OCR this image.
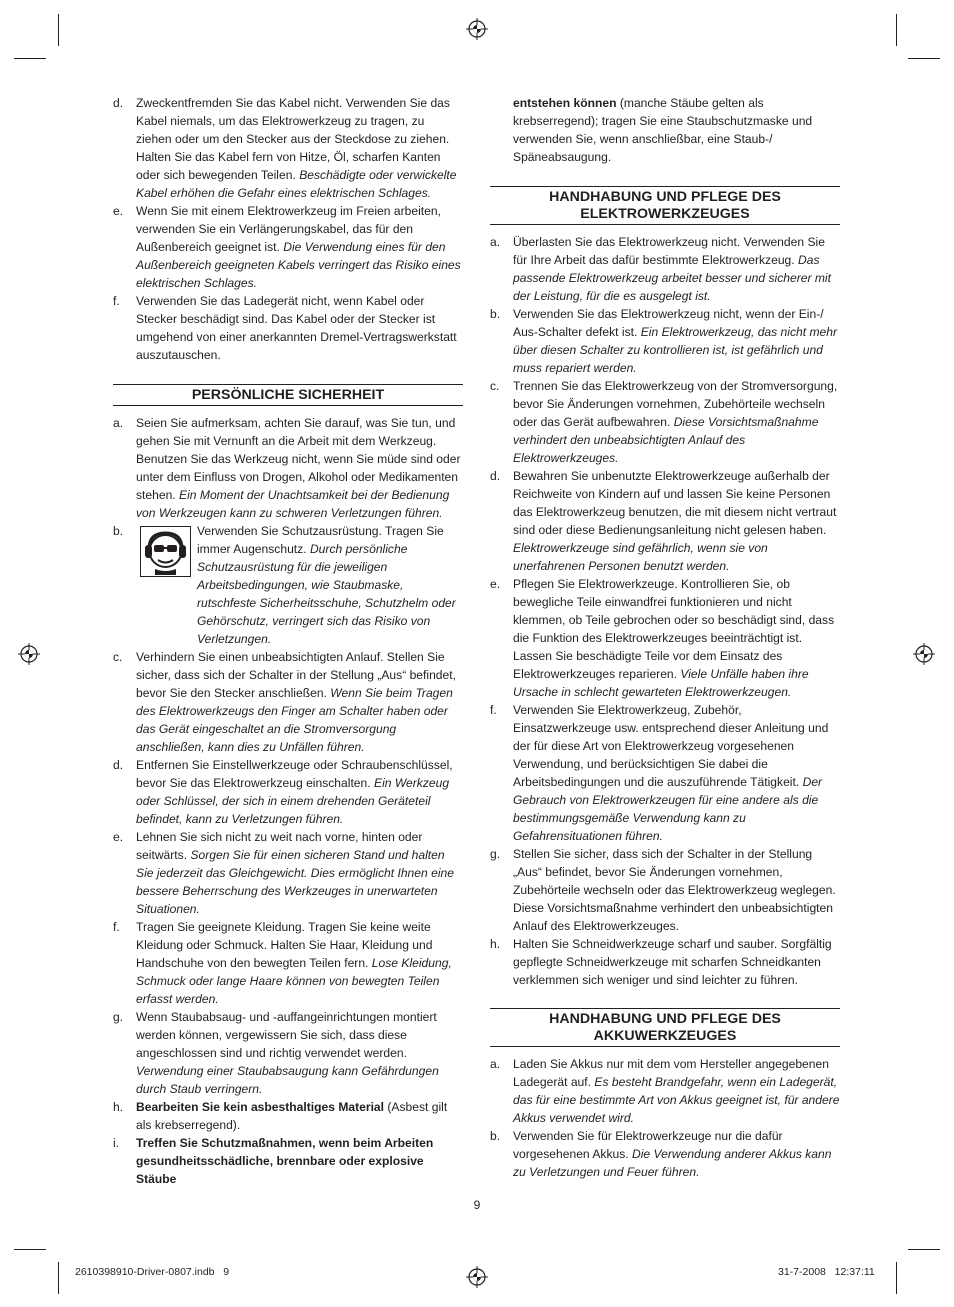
d. Zweckentfremden Sie das Kabel nicht. Verwenden Sie das Kabel niemals, um das Elektrowerkzeug zu tragen, zu ziehen oder um den Stecker aus der Steckdose zu ziehen. Halten Sie das Kabel fern von Hitze, Öl, scharfen Kanten oder sich bewegenden Teilen. Beschädigte oder verwickelte Kabel erhöhen die Gefahr eines elektrischen Schlages.
e. Wenn Sie mit einem Elektrowerkzeug im Freien arbeiten, verwenden Sie ein Verlängerungskabel, das für den Außenbereich geeignet ist. Die Verwendung eines für den Außenbereich geeigneten Kabels verringert das Risiko eines elektrischen Schlages.
f. Verwenden Sie das Ladegerät nicht, wenn Kabel oder Stecker beschädigt sind. Das Kabel oder der Stecker ist umgehend von einer anerkannten Dremel-Vertragswerkstatt auszutauschen.
PERSÖNLICHE SICHERHEIT
a. Seien Sie aufmerksam, achten Sie darauf, was Sie tun, und gehen Sie mit Vernunft an die Arbeit mit dem Werkzeug. Benutzen Sie das Werkzeug nicht, wenn Sie müde sind oder unter dem Einfluss von Drogen, Alkohol oder Medikamenten stehen. Ein Moment der Unachtsamkeit bei der Bedienung von Werkzeugen kann zu schweren Verletzungen führen.
b.	Verwenden Sie Schutzausrüstung. Tragen Sie immer Augenschutz. Durch persönliche Schutzausrüstung für die jeweiligen Arbeitsbedingungen, wie Staubmaske, rutschfeste Sicherheitsschuhe, Schutzhelm oder Gehörschutz, verringert sich das Risiko von Verletzungen.
c. Verhindern Sie einen unbeabsichtigten Anlauf. Stellen Sie sicher, dass sich der Schalter in der Stellung „Aus“ befindet, bevor Sie den Stecker anschließen. Wenn Sie beim Tragen des Elektrowerkzeugs den Finger am Schalter haben oder das Gerät eingeschaltet an die Stromversorgung anschließen, kann dies zu Unfällen führen.
d. Entfernen Sie Einstellwerkzeuge oder Schraubenschlüssel, bevor Sie das Elektrowerkzeug einschalten. Ein Werkzeug oder Schlüssel, der sich in einem drehenden Geräteteil befindet, kann zu Verletzungen führen.
e. Lehnen Sie sich nicht zu weit nach vorne, hinten oder seitwärts. Sorgen Sie für einen sicheren Stand und halten Sie jederzeit das Gleichgewicht. Dies ermöglicht Ihnen eine bessere Beherrschung des Werkzeuges in unerwarteten Situationen.
f. Tragen Sie geeignete Kleidung. Tragen Sie keine weite Kleidung oder Schmuck. Halten Sie Haar, Kleidung und Handschuhe von den bewegten Teilen fern. Lose Kleidung, Schmuck oder lange Haare können von bewegten Teilen erfasst werden.
g. Wenn Staubabsaug- und -auffangeinrichtungen montiert werden können, vergewissern Sie sich, dass diese angeschlossen sind und richtig verwendet werden. Verwendung einer Staubabsaugung kann Gefährdungen durch Staub verringern.
h. Bearbeiten Sie kein asbesthaltiges Material (Asbest gilt als krebserregend).
i. Treffen Sie Schutzmaßnahmen, wenn beim Arbeiten gesundheitsschädliche, brennbare oder explosive Stäube
entstehen können (manche Stäube gelten als krebserregend); tragen Sie eine Staubschutzmaske und verwenden Sie, wenn anschließbar, eine Staub-/ Späneabsaugung.
HANDHABUNG UND PFLEGE DES
ELEKTROWERKZEUGES
a. Überlasten Sie das Elektrowerkzeug nicht. Verwenden Sie für Ihre Arbeit das dafür bestimmte Elektrowerkzeug. Das passende Elektrowerkzeug arbeitet besser und sicherer mit der Leistung, für die es ausgelegt ist.
b. Verwenden Sie das Elektrowerkzeug nicht, wenn der Ein-/ Aus-Schalter defekt ist. Ein Elektrowerkzeug, das nicht mehr über diesen Schalter zu kontrollieren ist, ist gefährlich und muss repariert werden.
c. Trennen Sie das Elektrowerkzeug von der Stromversorgung, bevor Sie Änderungen vornehmen, Zubehörteile wechseln oder das Gerät aufbewahren. Diese Vorsichtsmaßnahme verhindert den unbeabsichtigten Anlauf des Elektrowerkzeuges.
d. Bewahren Sie unbenutzte Elektrowerkzeuge außerhalb der Reichweite von Kindern auf und lassen Sie keine Personen das Elektrowerkzeug benutzen, die mit diesem nicht vertraut sind oder diese Bedienungsanleitung nicht gelesen haben. Elektrowerkzeuge sind gefährlich, wenn sie von unerfahrenen Personen benutzt werden.
e. Pflegen Sie Elektrowerkzeuge. Kontrollieren Sie, ob bewegliche Teile einwandfrei funktionieren und nicht klemmen, ob Teile gebrochen oder so beschädigt sind, dass die Funktion des Elektrowerkzeuges beeinträchtigt ist. Lassen Sie beschädigte Teile vor dem Einsatz des Elektrowerkzeuges reparieren. Viele Unfälle haben ihre Ursache in schlecht gewarteten Elektrowerkzeugen.
f. Verwenden Sie Elektrowerkzeug, Zubehör, Einsatzwerkzeuge usw. entsprechend dieser Anleitung und der für diese Art von Elektrowerkzeug vorgesehenen Verwendung, und berücksichtigen Sie dabei die Arbeitsbedingungen und die auszuführende Tätigkeit. Der Gebrauch von Elektrowerkzeugen für eine andere als die bestimmungsgemäße Verwendung kann zu Gefahrensituationen führen.
g. Stellen Sie sicher, dass sich der Schalter in der Stellung „Aus“ befindet, bevor Sie Änderungen vornehmen, Zubehörteile wechseln oder das Elektrowerkzeug weglegen. Diese Vorsichtsmaßnahme verhindert den unbeabsichtigten Anlauf des Elektrowerkzeuges.
h. Halten Sie Schneidwerkzeuge scharf und sauber. Sorgfältig gepflegte Schneidwerkzeuge mit scharfen Schneidkanten verklemmen sich weniger und sind leichter zu führen.
HANDHABUNG UND PFLEGE DES
AKKUWERKZEUGES
a. Laden Sie Akkus nur mit dem vom Hersteller angegebenen Ladegerät auf. Es besteht Brandgefahr, wenn ein Ladegerät, das für eine bestimmte Art von Akkus geeignet ist, für andere Akkus verwendet wird.
b. Verwenden Sie für Elektrowerkzeuge nur die dafür vorgesehenen Akkus. Die Verwendung anderer Akkus kann zu Verletzungen und Feuer führen.
9
2610398910-Driver-0807.indb   9	31-7-2008   12:37:11
